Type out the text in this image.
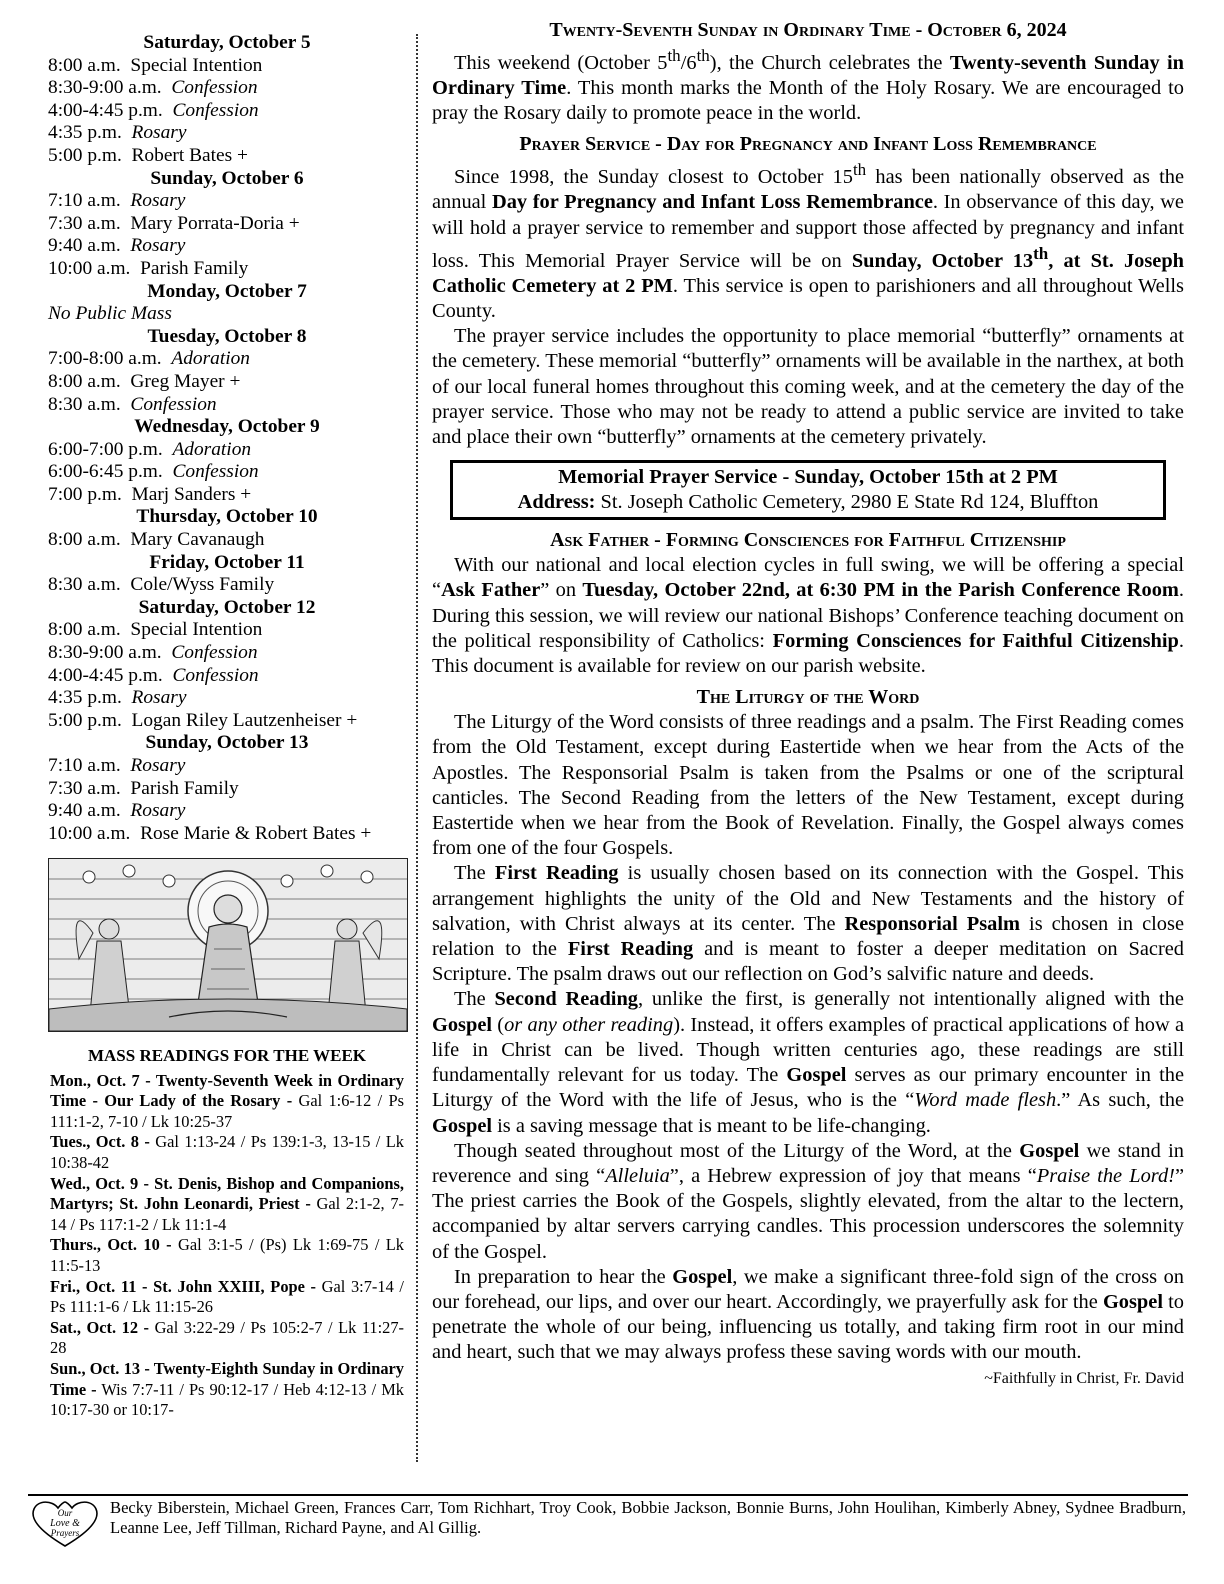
Saturday, October 5
8:00 a.m. Special Intention
8:30-9:00 a.m. Confession
4:00-4:45 p.m. Confession
4:35 p.m. Rosary
5:00 p.m. Robert Bates +
Sunday, October 6
7:10 a.m. Rosary
7:30 a.m. Mary Porrata-Doria +
9:40 a.m. Rosary
10:00 a.m. Parish Family
Monday, October 7
No Public Mass
Tuesday, October 8
7:00-8:00 a.m. Adoration
8:00 a.m. Greg Mayer +
8:30 a.m. Confession
Wednesday, October 9
6:00-7:00 p.m. Adoration
6:00-6:45 p.m. Confession
7:00 p.m. Marj Sanders +
Thursday, October 10
8:00 a.m. Mary Cavanaugh
Friday, October 11
8:30 a.m. Cole/Wyss Family
Saturday, October 12
8:00 a.m. Special Intention
8:30-9:00 a.m. Confession
4:00-4:45 p.m. Confession
4:35 p.m. Rosary
5:00 p.m. Logan Riley Lautzenheiser +
Sunday, October 13
7:10 a.m. Rosary
7:30 a.m. Parish Family
9:40 a.m. Rosary
10:00 a.m. Rose Marie & Robert Bates +
MASS READINGS FOR THE WEEK

Mon., Oct. 7 - Twenty-Seventh Week in Ordinary Time - Our Lady of the Rosary - Gal 1:6-12 / Ps 111:1-2, 7-10 / Lk 10:25-37

Tues., Oct. 8 - Gal 1:13-24 / Ps 139:1-3, 13-15 / Lk 10:38-42

Wed., Oct. 9 - St. Denis, Bishop and Companions, Martyrs; St. John Leonardi, Priest - Gal 2:1-2, 7-14 / Ps 117:1-2 / Lk 11:1-4

Thurs., Oct. 10 - Gal 3:1-5 / (Ps) Lk 1:69-75 / Lk 11:5-13

Fri., Oct. 11 - St. John XXIII, Pope - Gal 3:7-14 / Ps 111:1-6 / Lk 11:15-26

Sat., Oct. 12 - Gal 3:22-29 / Ps 105:2-7 / Lk 11:27-28

Sun., Oct. 13 - Twenty-Eighth Sunday in Ordinary Time - Wis 7:7-11 / Ps 90:12-17 / Heb 4:12-13 / Mk 10:17-30 or 10:17-

Twenty-Seventh Sunday in Ordinary Time - October 6, 2024

This weekend (October 5th/6th), the Church celebrates the Twenty-seventh Sunday in Ordinary Time. This month marks the Month of the Holy Rosary. We are encouraged to pray the Rosary daily to promote peace in the world.

Prayer Service - Day for Pregnancy and Infant Loss Remembrance

Since 1998, the Sunday closest to October 15th has been nationally observed as the annual Day for Pregnancy and Infant Loss Remembrance. In observance of this day, we will hold a prayer service to remember and support those affected by pregnancy and infant loss. This Memorial Prayer Service will be on Sunday, October 13th, at St. Joseph Catholic Cemetery at 2 PM. This service is open to parishioners and all throughout Wells County.

The prayer service includes the opportunity to place memorial “butterfly” ornaments at the cemetery. These memorial “butterfly” ornaments will be available in the narthex, at both of our local funeral homes throughout this coming week, and at the cemetery the day of the prayer service. Those who may not be ready to attend a public service are invited to take and place their own “butterfly” ornaments at the cemetery privately.

Memorial Prayer Service - Sunday, October 15th at 2 PM
Address: St. Joseph Catholic Cemetery, 2980 E State Rd 124, Bluffton
Ask Father - Forming Consciences for Faithful Citizenship

With our national and local election cycles in full swing, we will be offering a special “Ask Father” on Tuesday, October 22nd, at 6:30 PM in the Parish Conference Room. During this session, we will review our national Bishops’ Conference teaching document on the political responsibility of Catholics: Forming Consciences for Faithful Citizenship. This document is available for review on our parish website.

The Liturgy of the Word

The Liturgy of the Word consists of three readings and a psalm. The First Reading comes from the Old Testament, except during Eastertide when we hear from the Acts of the Apostles. The Responsorial Psalm is taken from the Psalms or one of the scriptural canticles. The Second Reading from the letters of the New Testament, except during Eastertide when we hear from the Book of Revelation. Finally, the Gospel always comes from one of the four Gospels.

The First Reading is usually chosen based on its connection with the Gospel. This arrangement highlights the unity of the Old and New Testaments and the history of salvation, with Christ always at its center. The Responsorial Psalm is chosen in close relation to the First Reading and is meant to foster a deeper meditation on Sacred Scripture. The psalm draws out our reflection on God’s salvific nature and deeds.

The Second Reading, unlike the first, is generally not intentionally aligned with the Gospel (or any other reading). Instead, it offers examples of practical applications of how a life in Christ can be lived. Though written centuries ago, these readings are still fundamentally relevant for us today. The Gospel serves as our primary encounter in the Liturgy of the Word with the life of Jesus, who is the “Word made flesh.” As such, the Gospel is a saving message that is meant to be life-changing.

Though seated throughout most of the Liturgy of the Word, at the Gospel we stand in reverence and sing “Alleluia”, a Hebrew expression of joy that means “Praise the Lord!” The priest carries the Book of the Gospels, slightly elevated, from the altar to the lectern, accompanied by altar servers carrying candles. This procession underscores the solemnity of the Gospel.

In preparation to hear the Gospel, we make a significant three-fold sign of the cross on our forehead, our lips, and over our heart. Accordingly, we prayerfully ask for the Gospel to penetrate the whole of our being, influencing us totally, and taking firm root in our mind and heart, such that we may always profess these saving words with our mouth.
~Faithfully in Christ, Fr. David

Our
Love &
Prayers
Becky Biberstein, Michael Green, Frances Carr, Tom Richhart, Troy Cook, Bobbie Jackson, Bonnie Burns, John Houlihan, Kimberly Abney, Sydnee Bradburn, Leanne Lee, Jeff Tillman, Richard Payne, and Al Gillig.
